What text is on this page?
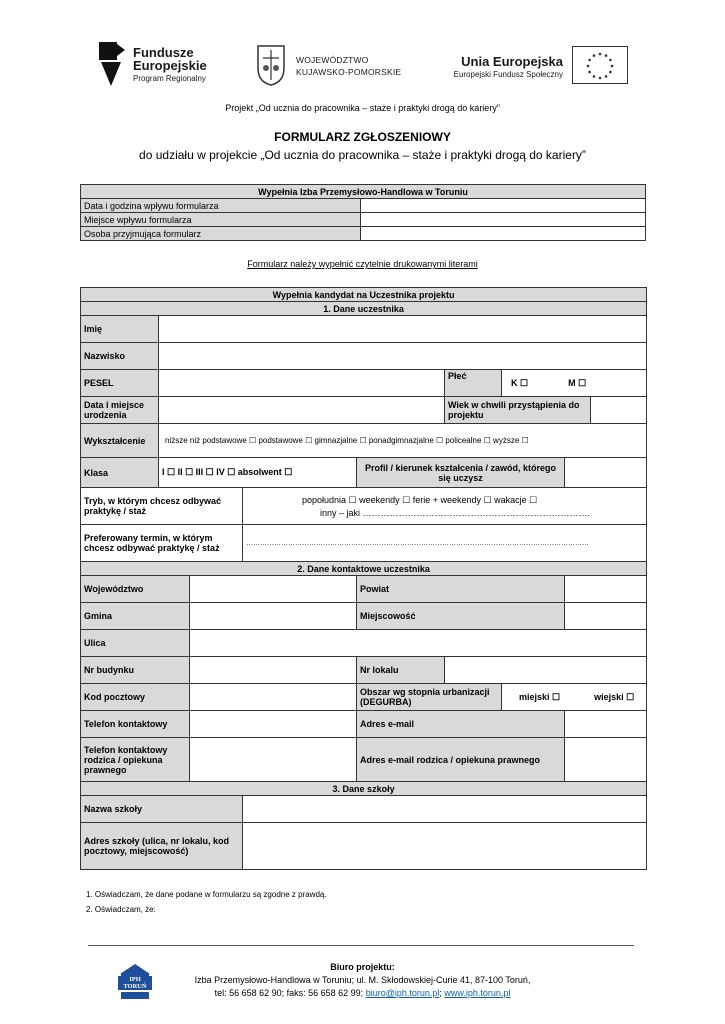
Fundusze
Europejskie
Program Regionalny
WOJEWÓDZTWO
KUJAWSKO-POMORSKIE
Unia Europejska
Europejski Fundusz Społeczny
Projekt „Od ucznia do pracownika – staże i praktyki drogą do kariery”
FORMULARZ ZGŁOSZENIOWY
do udziału w projekcie „Od ucznia do pracownika – staże i praktyki drogą do kariery”
Wypełnia Izba Przemysłowo-Handlowa w Toruniu	
Data i godzina wpływu formularza	
Miejsce wpływu formularza	
Osoba przyjmująca formularz	
Formularz należy wypełnić czytelnie drukowanymi literami
Wypełnia kandydat na Uczestnika projektu								
1. Dane uczestnika								
Imię								
Nazwisko								
PESEL					Płeć	K ☐ M ☐		
Data i miejsce urodzenia					Wiek w chwili przystąpienia do projektu			
Wykształcenie	niższe niż podstawowe ☐ podstawowe ☐ gimnazjalne ☐ ponadgimnazjalne ☐ policealne ☐ wyższe ☐							
Klasa	I ☐ II ☐ III ☐ IV ☐ absolwent ☐			Profil / kierunek kształcenia / zawód, którego się uczysz				
Tryb, w którym chcesz odbywać praktykę / staż			popołudnia ☐ weekendy ☐ ferie + weekendy ☐ wakacje ☐
inny – jaki ………………………………………………………………….					

Preferowany termin, w którym chcesz odbywać praktykę / staż			…………………………………………………………………………………………………………………………………					
2. Dane kontaktowe uczestnika								
Województwo				Powiat				
Gmina				Miejscowość				
Ulica								
Nr budynku				Nr lokalu				
Kod pocztowy				Obszar wg stopnia urbanizacji (DEGURBA)		miejski ☐ wiejski ☐		
Telefon kontaktowy				Adres e-mail				
Telefon kontaktowy rodzica / opiekuna prawnego				Adres e-mail rodzica / opiekuna prawnego				
3. Dane szkoły								
Nazwa szkoły								
Adres szkoły (ulica, nr lokalu, kod pocztowy, miejscowość)								
1. Oświadczam, że dane podane w formularzu są zgodne z prawdą.
2. Oświadczam, że:
IPH TORUŃ
Biuro projektu:
Izba Przemysłowo-Handlowa w Toruniu; ul. M. Skłodowskiej-Curie 41, 87-100 Toruń,
tel: 56 658 62 90; faks: 56 658 62 99; biuro@iph.torun.pl; www.iph.torun.pl
